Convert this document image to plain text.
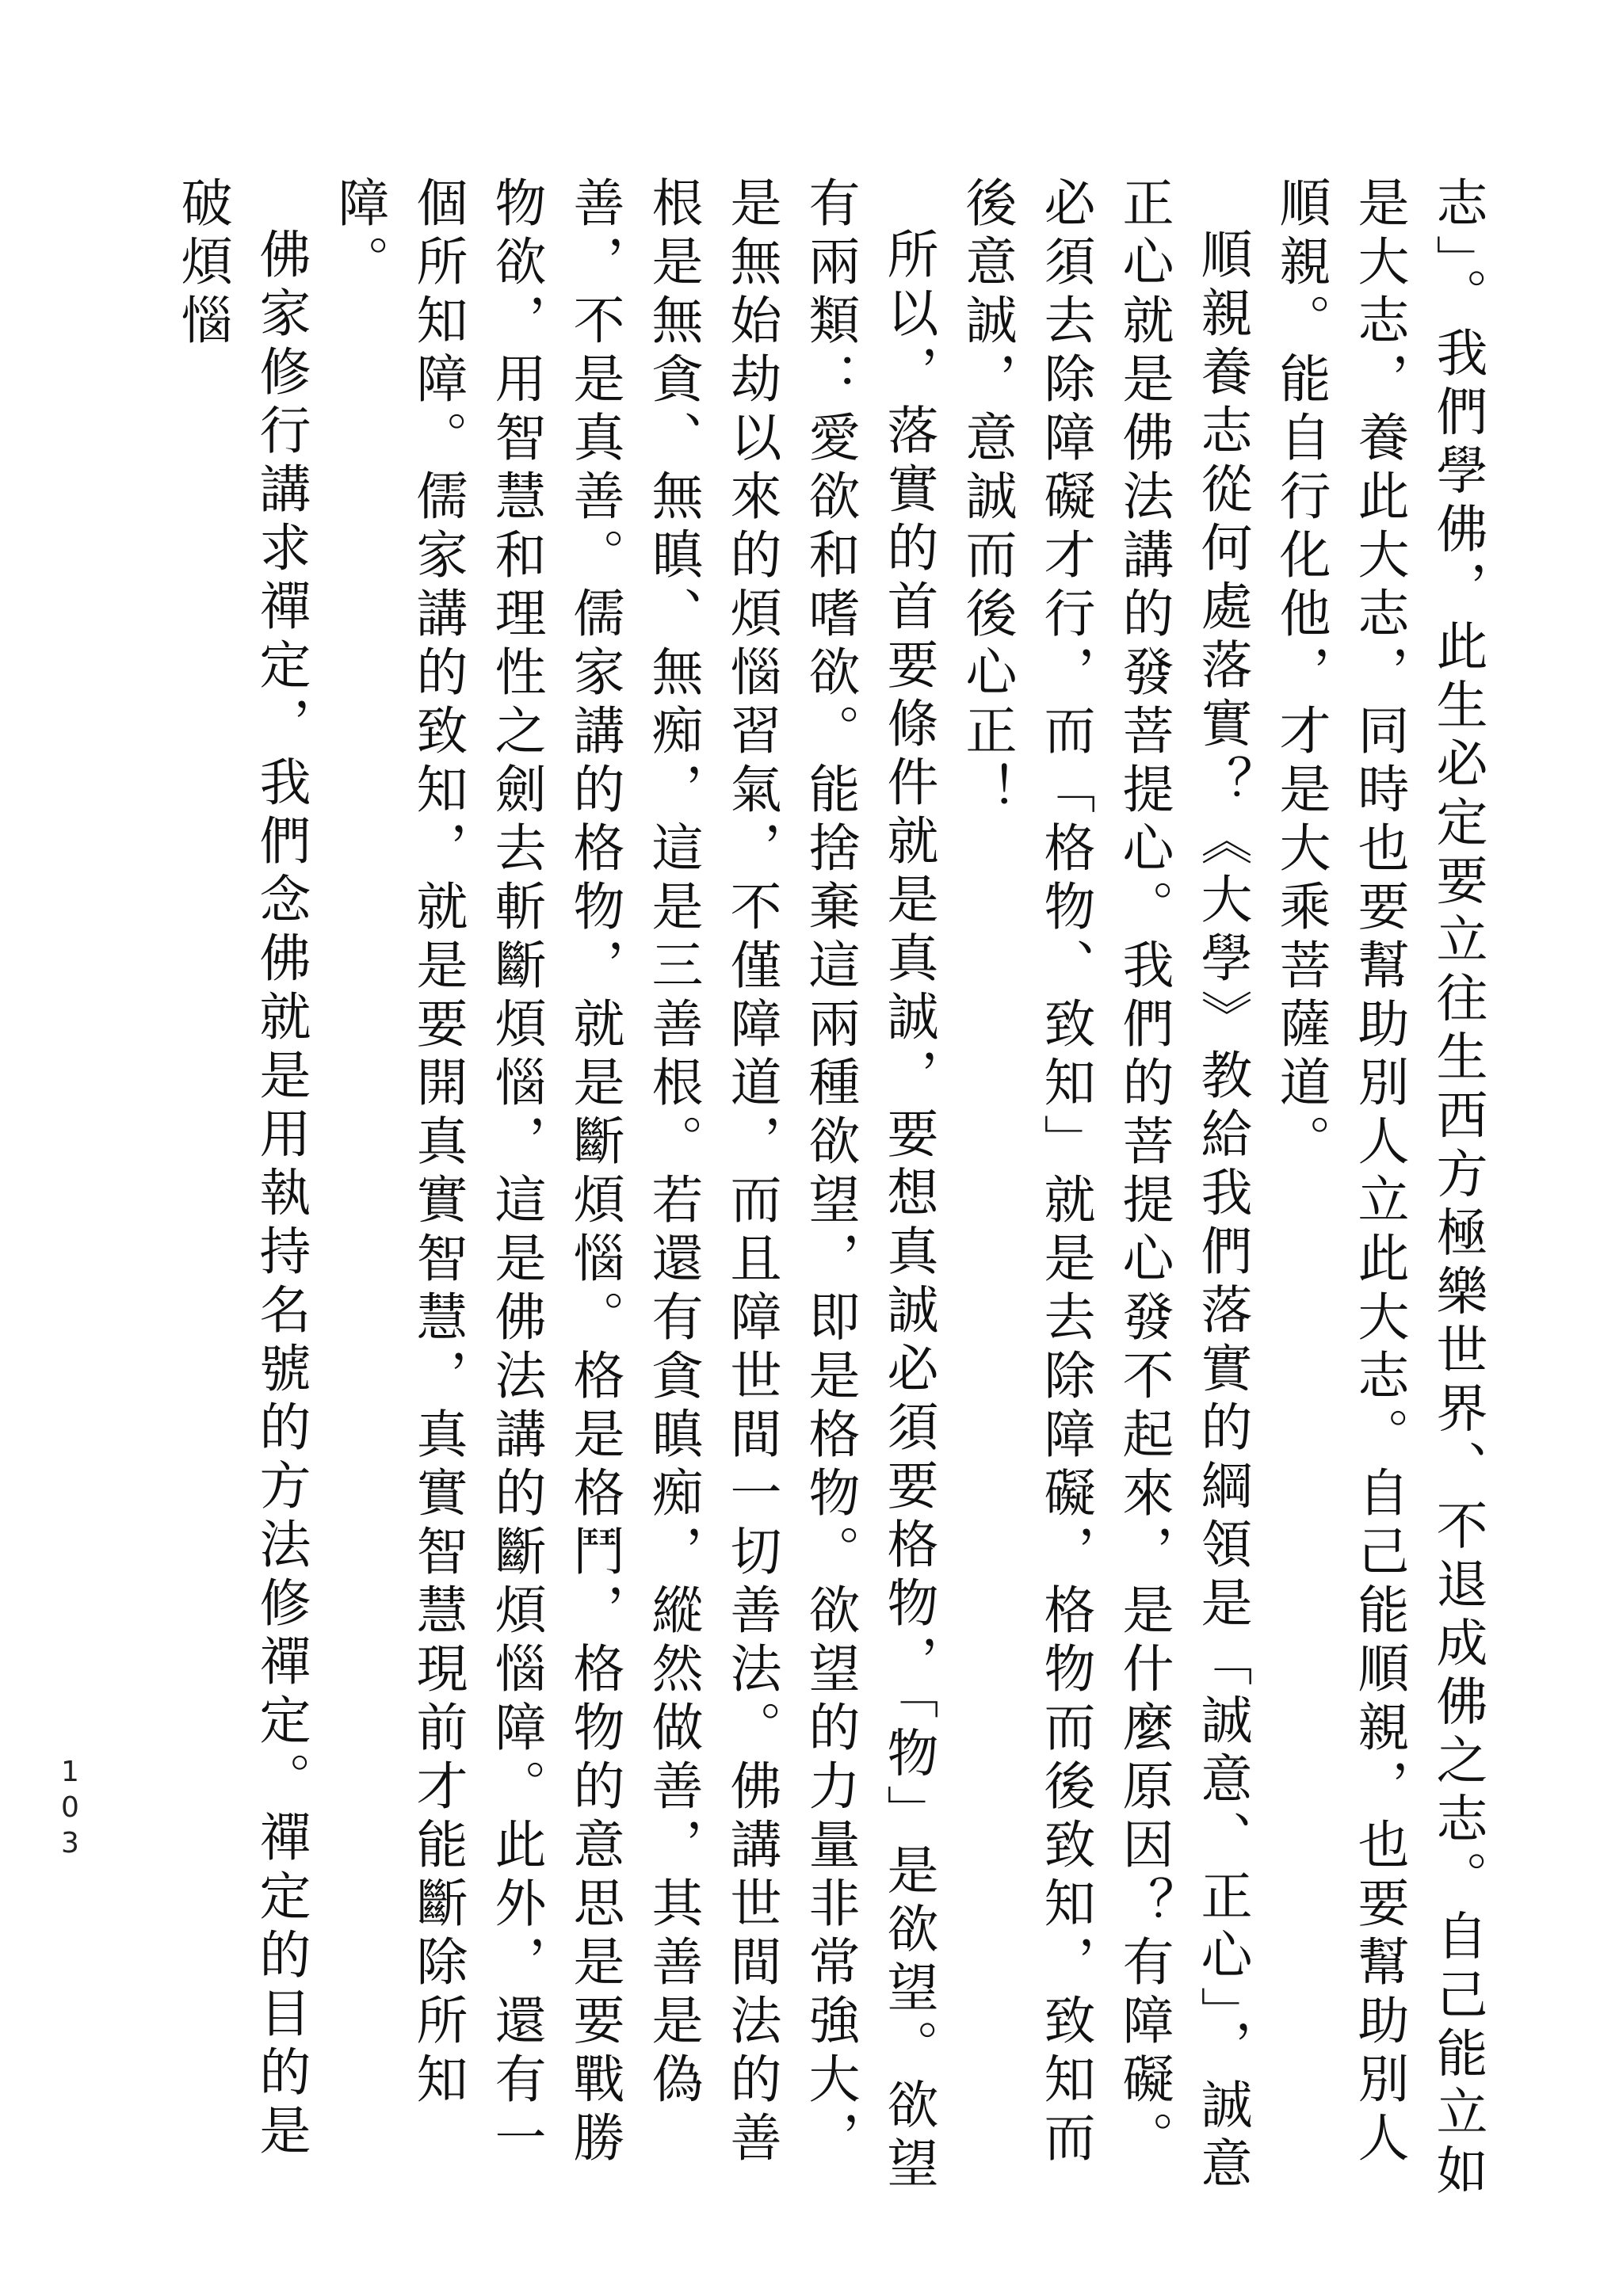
志」。我們學佛，此生必定要立往生西方極樂世界、不退成佛之志。自己能立如是大志，養此大志，同時也要幫助別人立此大志。自己能順親，也要幫助別人順親。能自行化他，才是大乘菩薩道。

順親養志從何處落實？《大學》教給我們落實的綱領是「誠意、正心」，誠意正心就是佛法講的發菩提心。我們的菩提心發不起來，是什麼原因？有障礙。必須去除障礙才行，而「格物、致知」就是去除障礙，格物而後致知，致知而後意誠，意誠而後心正！

所以，落實的首要條件就是真誠，要想真誠必須要格物，「物」是欲望。欲望有兩類：愛欲和嗜欲。能捨棄這兩種欲望，即是格物。欲望的力量非常強大，是無始劫以來的煩惱習氣，不僅障道，而且障世間一切善法。佛講世間法的善根是無貪、無瞋、無痴，這是三善根。若還有貪瞋痴，縱然做善，其善是偽善，不是真善。儒家講的格物，就是斷煩惱。格是格鬥，格物的意思是要戰勝物欲，用智慧和理性之劍去斬斷煩惱，這是佛法講的斷煩惱障。此外，還有一個所知障。儒家講的致知，就是要開真實智慧，真實智慧現前才能斷除所知障。

佛家修行講求禪定，我們念佛就是用執持名號的方法修禪定。禪定的目的是破煩惱

103
